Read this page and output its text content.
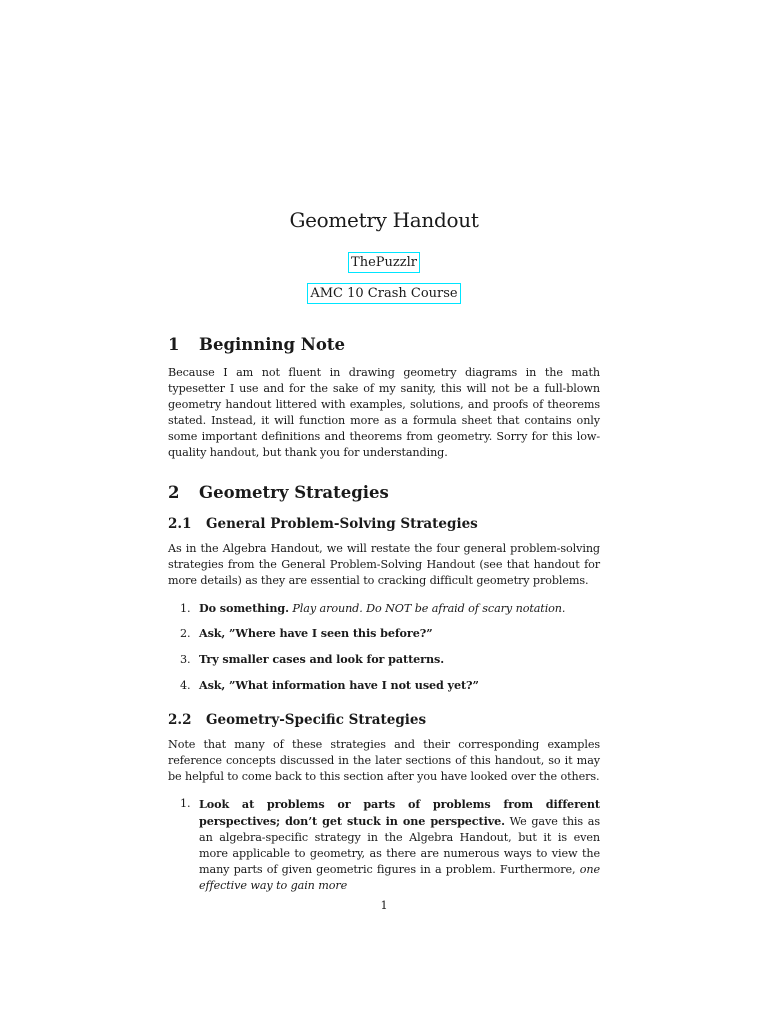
Geometry Handout
ThePuzzlr
AMC 10 Crash Course
1 Beginning Note

Because I am not fluent in drawing geometry diagrams in the math typesetter I use and for the sake of my sanity, this will not be a full-blown geometry handout littered with examples, solutions, and proofs of theorems stated. Instead, it will function more as a formula sheet that contains only some important definitions and theorems from geometry. Sorry for this low-quality handout, but thank you for understanding.

2 Geometry Strategies
2.1 General Problem-Solving Strategies

As in the Algebra Handout, we will restate the four general problem-solving strategies from the General Problem-Solving Handout (see that handout for more details) as they are essential to cracking difficult geometry problems.

1. Do something. Play around. Do NOT be afraid of scary notation.
2. Ask, ”Where have I seen this before?”
3. Try smaller cases and look for patterns.
4. Ask, ”What information have I not used yet?”
2.2 Geometry-Specific Strategies

Note that many of these strategies and their corresponding examples reference concepts discussed in the later sections of this handout, so it may be helpful to come back to this section after you have looked over the others.

1. Look at problems or parts of problems from different perspectives; don’t get stuck in one perspective. We gave this as an algebra-specific strategy in the Algebra Handout, but it is even more applicable to geometry, as there are numerous ways to view the many parts of given geometric figures in a problem. Furthermore, one effective way to gain more
1
